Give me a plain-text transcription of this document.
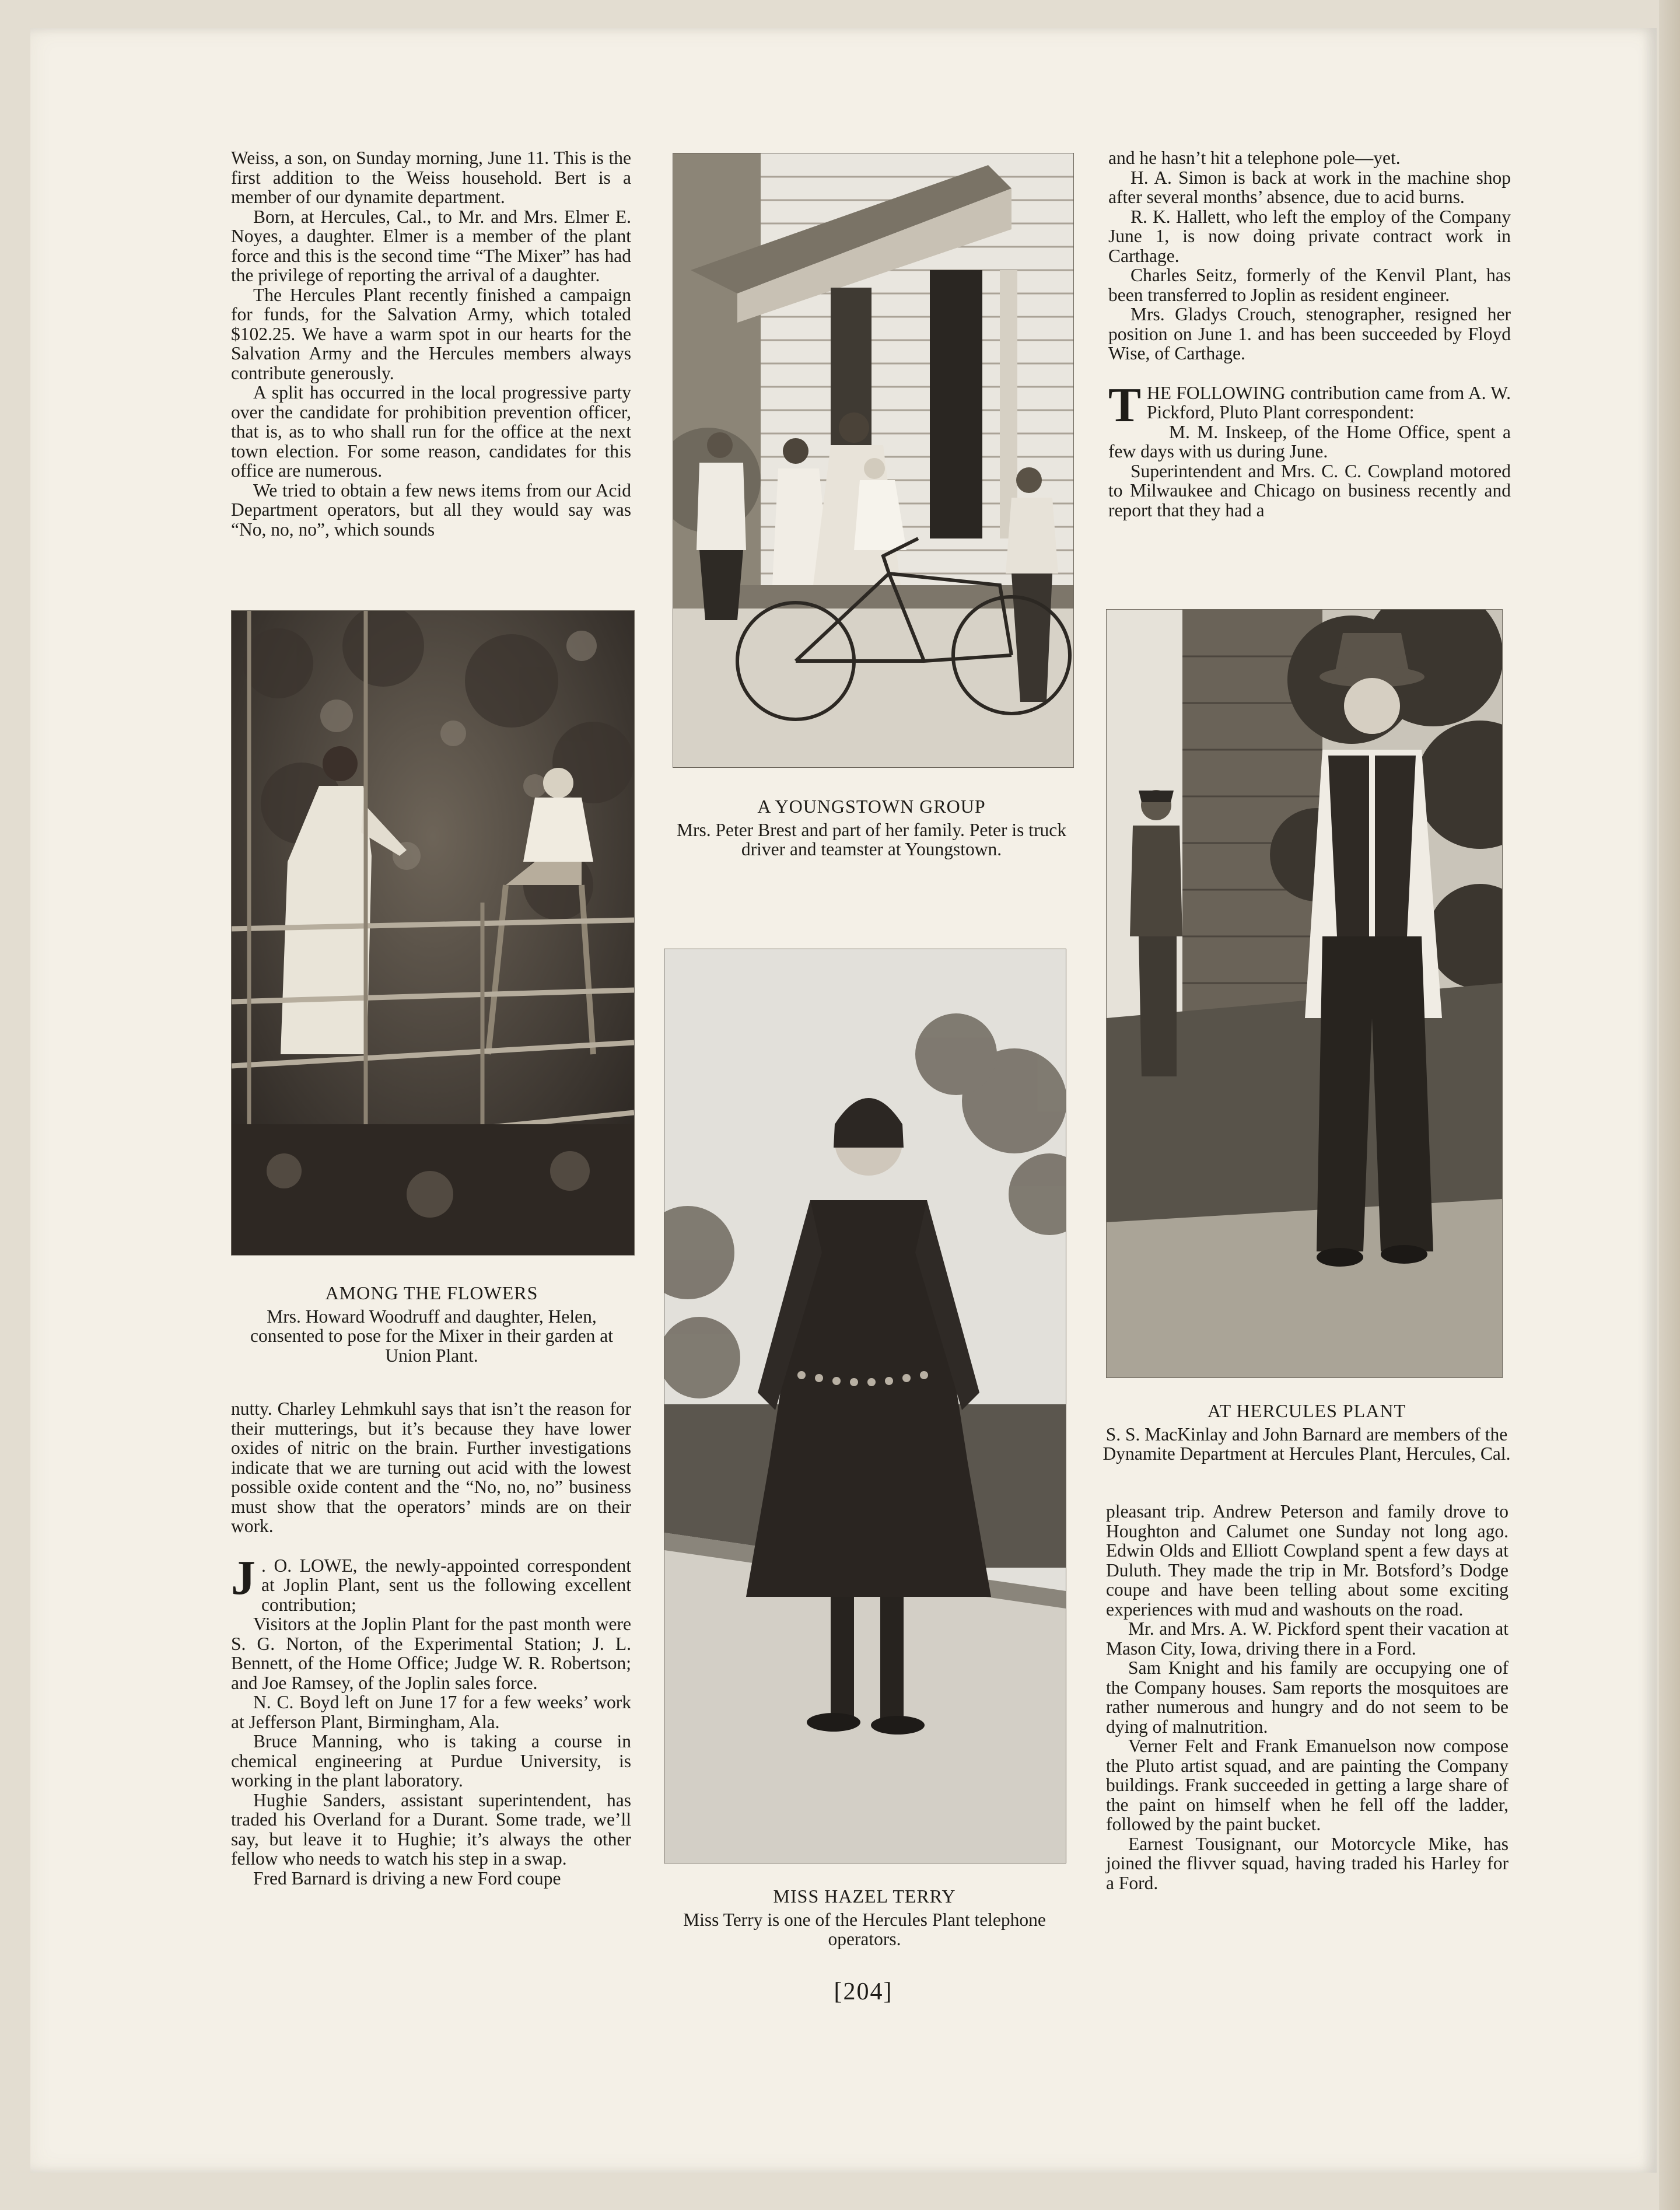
Weiss, a son, on Sunday morning, June 11. This is the first addition to the Weiss household. Bert is a member of our dynamite department.

Born, at Hercules, Cal., to Mr. and Mrs. Elmer E. Noyes, a daughter. Elmer is a member of the plant force and this is the second time “The Mixer” has had the privilege of reporting the arrival of a daughter.

The Hercules Plant recently finished a campaign for funds, for the Salvation Army, which totaled $102.25. We have a warm spot in our hearts for the Salvation Army and the Hercules members always contribute generously.

A split has occurred in the local progressive party over the candidate for prohibition prevention officer, that is, as to who shall run for the office at the next town election. For some reason, candidates for this office are numerous.

We tried to obtain a few news items from our Acid Department operators, but all they would say was “No, no, no”, which sounds

AMONG THE FLOWERS
Mrs. Howard Woodruff and daughter, Helen, consented to pose for the Mixer in their garden at Union Plant.

nutty. Charley Lehmkuhl says that isn’t the reason for their mutterings, but it’s because they have lower oxides of nitric on the brain. Further investigations indicate that we are turning out acid with the lowest possible oxide content and the “No, no, no” business must show that the operators’ minds are on their work.

J . O. LOWE, the newly-appointed correspondent at Joplin Plant, sent us the following excellent contribution;

Visitors at the Joplin Plant for the past month were S. G. Norton, of the Experimental Station; J. L. Bennett, of the Home Office; Judge W. R. Robertson; and Joe Ramsey, of the Joplin sales force.

N. C. Boyd left on June 17 for a few weeks’ work at Jefferson Plant, Birmingham, Ala.

Bruce Manning, who is taking a course in chemical engineering at Purdue University, is working in the plant laboratory.

Hughie Sanders, assistant superintendent, has traded his Overland for a Durant. Some trade, we’ll say, but leave it to Hughie; it’s always the other fellow who needs to watch his step in a swap.

Fred Barnard is driving a new Ford coupe

A YOUNGSTOWN GROUP
Mrs. Peter Brest and part of her family. Peter is truck driver and teamster at Youngstown.
MISS HAZEL TERRY
Miss Terry is one of the Hercules Plant telephone operators.

and he hasn’t hit a telephone pole—yet.

H. A. Simon is back at work in the machine shop after several months’ absence, due to acid burns.

R. K. Hallett, who left the employ of the Company June 1, is now doing private contract work in Carthage.

Charles Seitz, formerly of the Kenvil Plant, has been transferred to Joplin as resident engineer.

Mrs. Gladys Crouch, stenographer, resigned her position on June 1. and has been succeeded by Floyd Wise, of Carthage.

THE FOLLOWING contribution came from A. W. Pickford, Pluto Plant correspondent:

M. M. Inskeep, of the Home Office, spent a few days with us during June.

Superintendent and Mrs. C. C. Cowpland motored to Milwaukee and Chicago on business recently and report that they had a

AT HERCULES PLANT
S. S. MacKinlay and John Barnard are members of the Dynamite Department at Hercules Plant, Hercules, Cal.

pleasant trip. Andrew Peterson and family drove to Houghton and Calumet one Sunday not long ago. Edwin Olds and Elliott Cowpland spent a few days at Duluth. They made the trip in Mr. Botsford’s Dodge coupe and have been telling about some exciting experiences with mud and washouts on the road.

Mr. and Mrs. A. W. Pickford spent their vacation at Mason City, Iowa, driving there in a Ford.

Sam Knight and his family are occupying one of the Company houses. Sam reports the mosquitoes are rather numerous and hungry and do not seem to be dying of malnutrition.

Verner Felt and Frank Emanuelson now compose the Pluto artist squad, and are painting the Company buildings. Frank succeeded in getting a large share of the paint on himself when he fell off the ladder, followed by the paint bucket.

Earnest Tousignant, our Motorcycle Mike, has joined the flivver squad, having traded his Harley for a Ford.

[204]
